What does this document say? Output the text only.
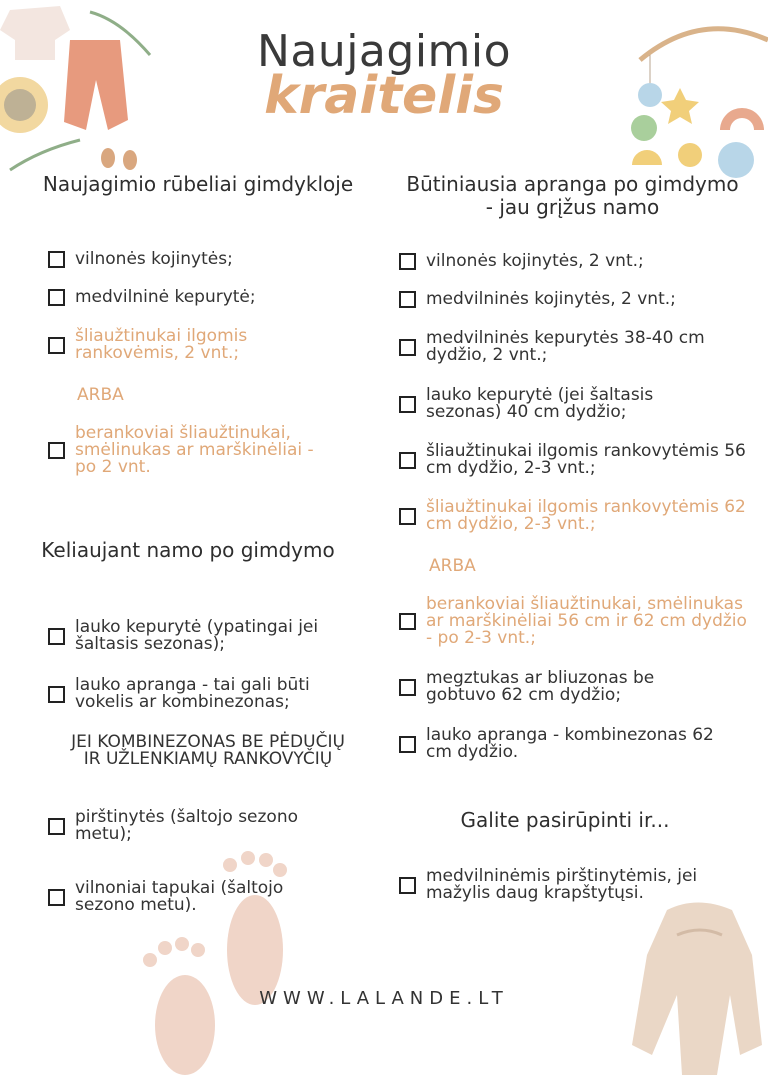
Naujagimio
kraitelis
Naujagimio rūbeliai gimdykloje
vilnonės kojinytės;
medvilninė kepurytė;
šliaužtinukai ilgomis rankovėmis, 2 vnt.;
ARBA
berankoviai šliaužtinukai, smėlinukas ar marškinėliai - po 2 vnt.
Keliaujant namo po gimdymo
lauko kepurytė (ypatingai jei šaltasis sezonas);
lauko apranga - tai gali būti vokelis ar kombinezonas;
JEI KOMBINEZONAS BE PĖDUČIŲ IR UŽLENKIAMŲ RANKOVYČIŲ
pirštinytės (šaltojo sezono metu);
vilnoniai tapukai (šaltojo sezono metu).
Būtiniausia apranga po gimdymo - jau grįžus namo
vilnonės kojinytės, 2 vnt.;
medvilninės kojinytės, 2 vnt.;
medvilninės kepurytės 38-40 cm dydžio, 2 vnt.;
lauko kepurytė (jei šaltasis sezonas) 40 cm dydžio;
šliaužtinukai ilgomis rankovytėmis 56 cm dydžio, 2-3 vnt.;
šliaužtinukai ilgomis rankovytėmis 62 cm dydžio, 2-3 vnt.;
ARBA
berankoviai šliaužtinukai, smėlinukas ar marškinėliai 56 cm ir 62 cm dydžio - po 2-3 vnt.;
megztukas ar bliuzonas be gobtuvo 62 cm dydžio;
lauko apranga - kombinezonas 62 cm dydžio.
Galite pasirūpinti ir...
medvilninėmis pirštinytėmis, jei mažylis daug krapštytųsi.
WWW.LALANDE.LT
